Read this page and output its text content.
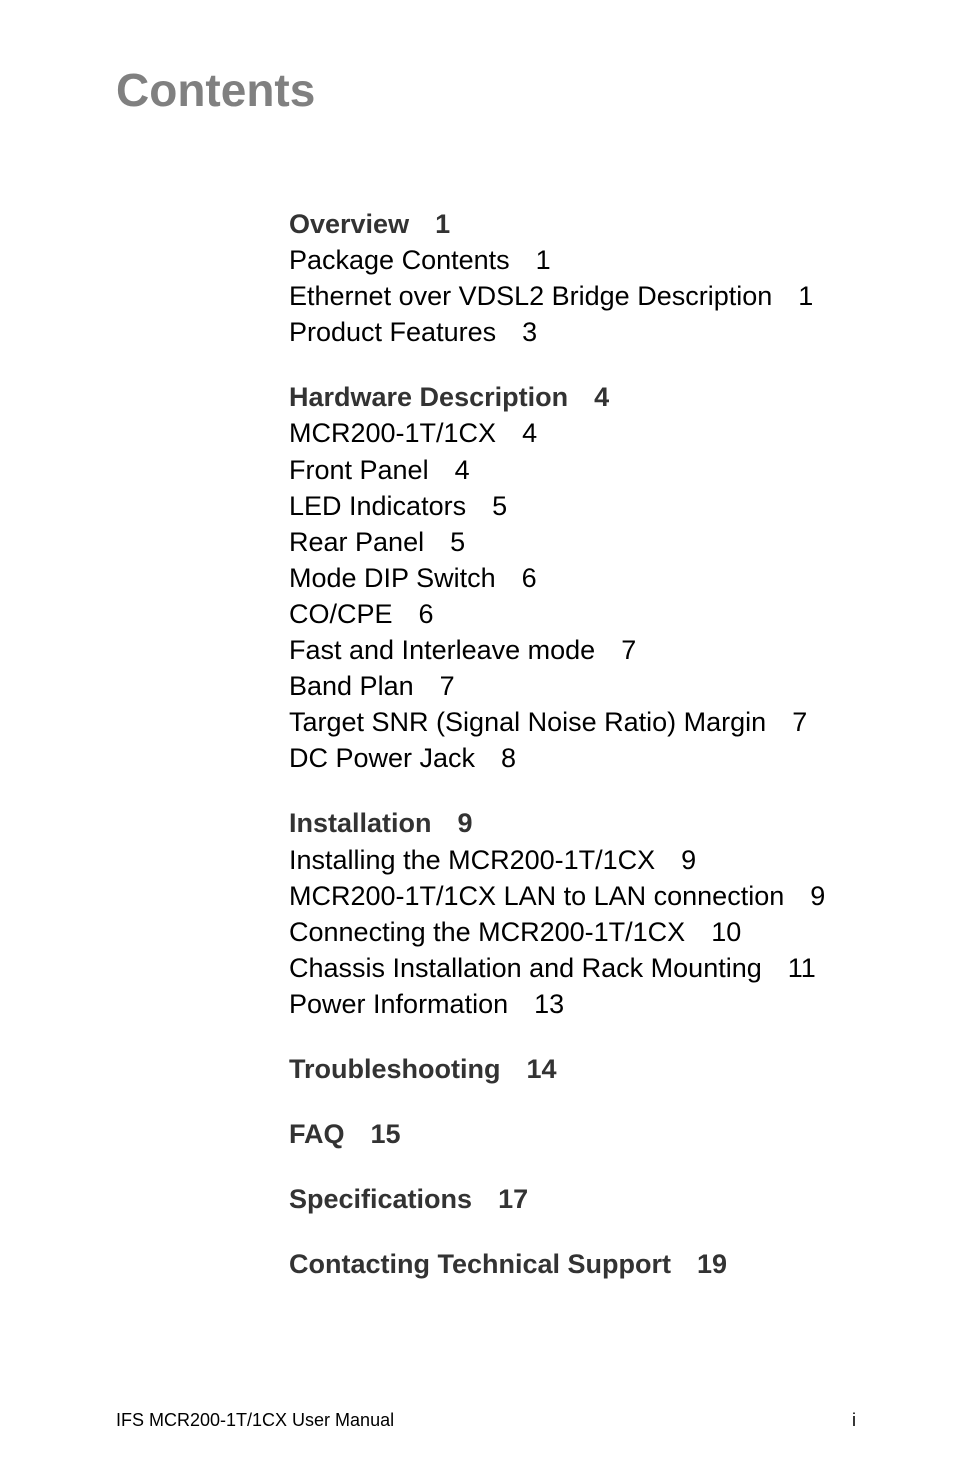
Contents
Overview 1
Package Contents 1
Ethernet over VDSL2 Bridge Description 1
Product Features 3
Hardware Description 4
MCR200-1T/1CX 4
Front Panel 4
LED Indicators 5
Rear Panel 5
Mode DIP Switch 6
CO/CPE 6
Fast and Interleave mode 7
Band Plan 7
Target SNR (Signal Noise Ratio) Margin 7
DC Power Jack 8
Installation 9
Installing the MCR200-1T/1CX 9
MCR200-1T/1CX LAN to LAN connection 9
Connecting the MCR200-1T/1CX 10
Chassis Installation and Rack Mounting 11
Power Information 13
Troubleshooting 14
FAQ 15
Specifications 17
Contacting Technical Support 19
IFS MCR200-1T/1CX User Manual	i
